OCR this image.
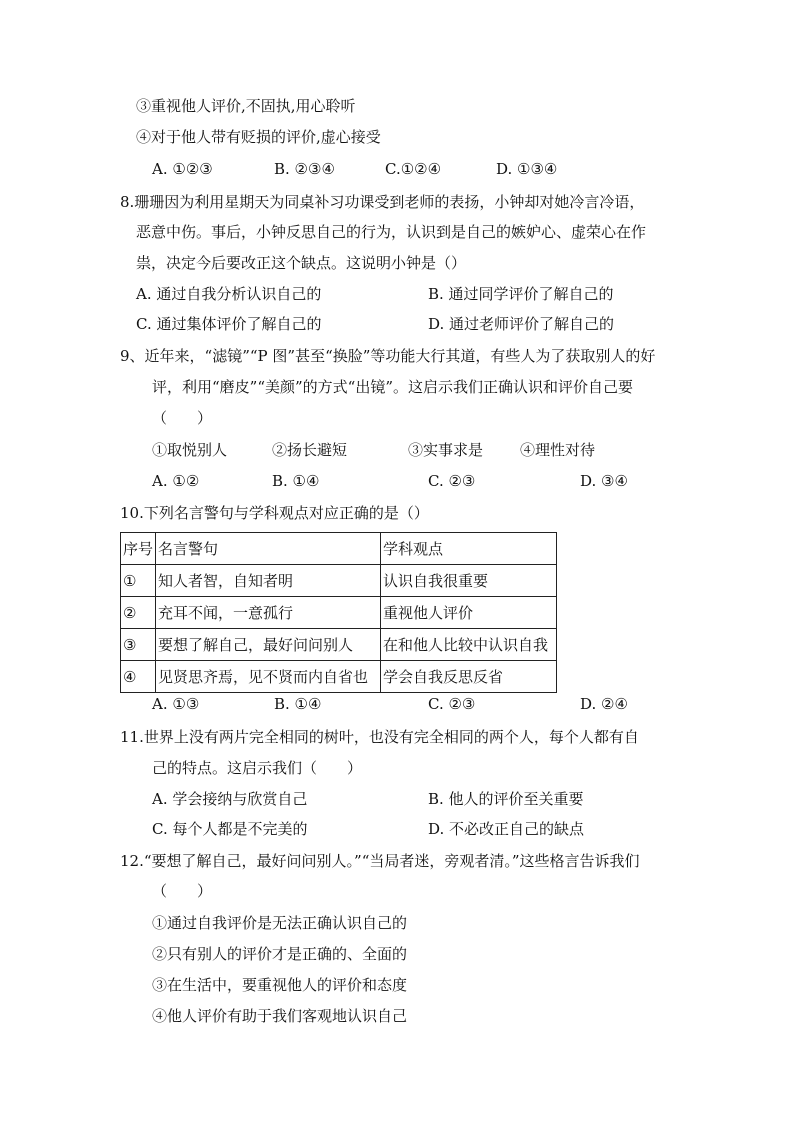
③重视他人评价,不固执,用心聆听
④对于他人带有贬损的评价,虚心接受
A. ①②③	B. ②③④	C.①②④	D. ①③④
8.珊珊因为利用星期天为同桌补习功课受到老师的表扬，小钟却对她冷言冷语，
恶意中伤。事后，小钟反思自己的行为，认识到是自己的嫉妒心、虚荣心在作
祟，决定今后要改正这个缺点。这说明小钟是（）
A. 通过自我分析认识自己的	B. 通过同学评价了解自己的
C. 通过集体评价了解自己的	D. 通过老师评价了解自己的
9、近年来，“滤镜”“P 图”甚至“换脸”等功能大行其道，有些人为了获取别人的好
评，利用“磨皮”“美颜”的方式“出镜”。这启示我们正确认识和评价自己要
（　　）
①取悦别人	②扬长避短	③实事求是 ④理性对待
A. ①②	B. ①④	C. ②③	D. ③④
10.下列名言警句与学科观点对应正确的是（）
序号	名言警句	学科观点
①	知人者智，自知者明	认识自我很重要
②	充耳不闻，一意孤行	重视他人评价
③	要想了解自己，最好问问别人	在和他人比较中认识自我
④	见贤思齐焉，见不贤而内自省也	学会自我反思反省
A. ①③	B. ①④	C. ②③	D. ②④
11.世界上没有两片完全相同的树叶，也没有完全相同的两个人，每个人都有自
己的特点。这启示我们（　　）
A. 学会接纳与欣赏自己	B. 他人的评价至关重要
C. 每个人都是不完美的	D. 不必改正自己的缺点
12.“要想了解自己，最好问问别人。”“当局者迷，旁观者清。”这些格言告诉我们
（　　）
①通过自我评价是无法正确认识自己的
②只有别人的评价才是正确的、全面的
③在生活中，要重视他人的评价和态度
④他人评价有助于我们客观地认识自己
